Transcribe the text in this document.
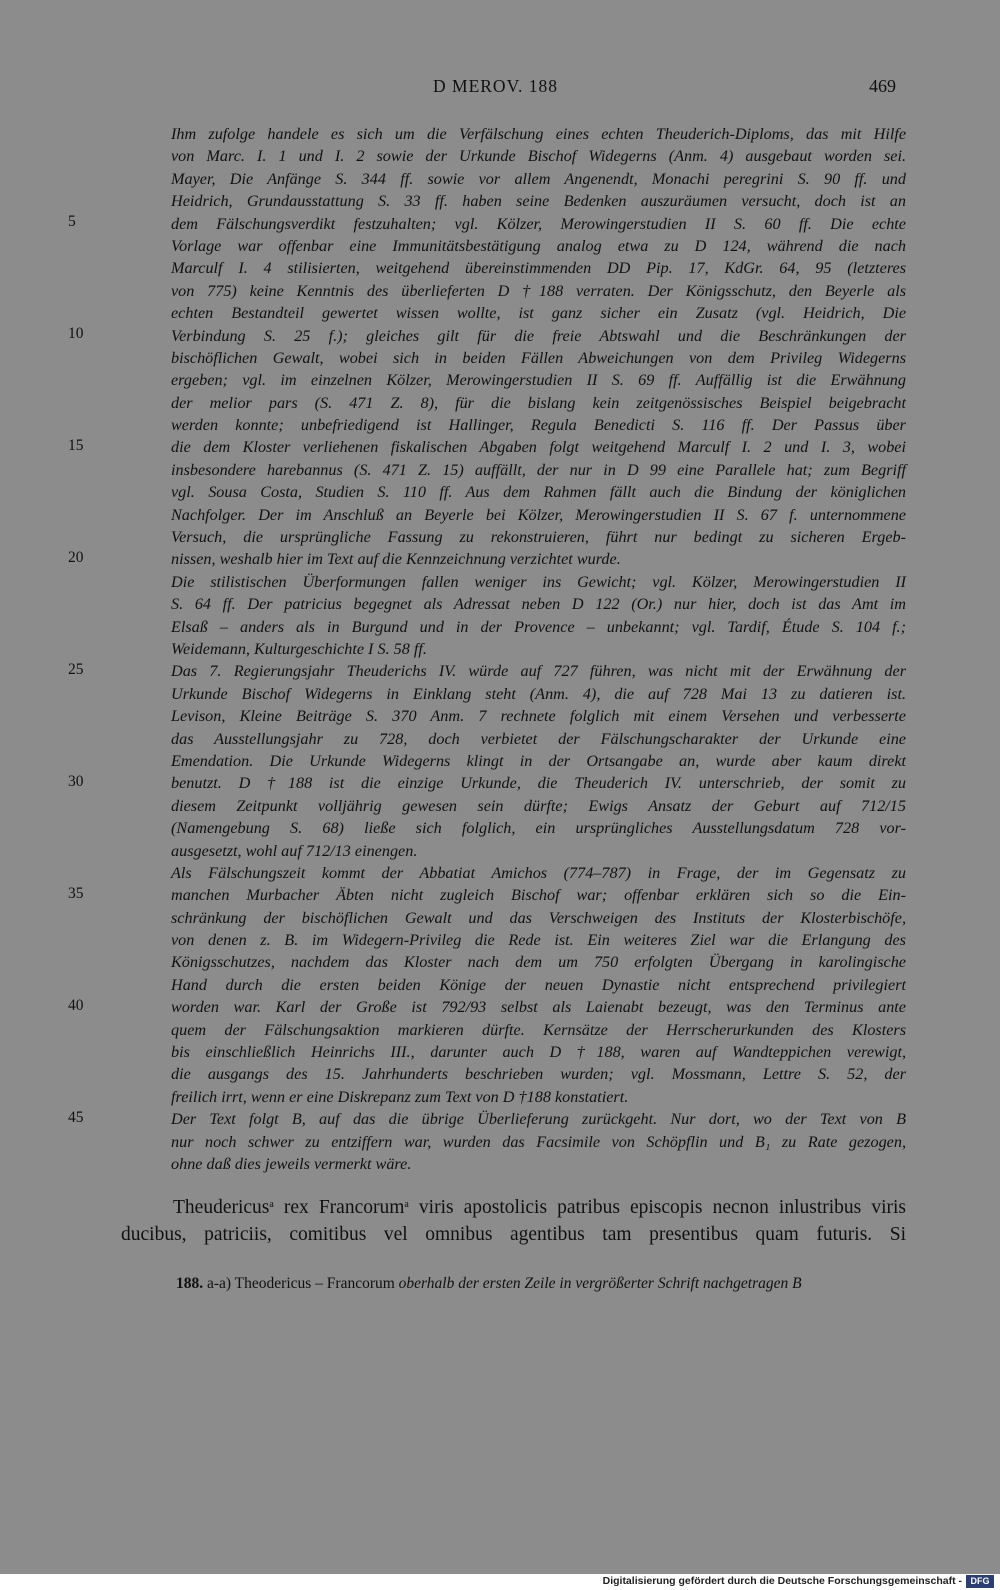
D MEROV. 188	469
5
10
15
20
25
30
35
40
45
Ihm zufolge handele es sich um die Verfälschung eines echten Theuderich-Diploms, das mit Hilfe
von Marc. I. 1 und I. 2 sowie der Urkunde Bischof Widegerns (Anm. 4) ausgebaut worden sei.
Mayer, Die Anfänge S. 344 ff. sowie vor allem Angenendt, Monachi peregrini S. 90 ff. und
Heidrich, Grundausstattung S. 33 ff. haben seine Bedenken auszuräumen versucht, doch ist an
dem Fälschungsverdikt festzuhalten; vgl. Kölzer, Merowingerstudien II S. 60 ff. Die echte
Vorlage war offenbar eine Immunitätsbestätigung analog etwa zu D 124, während die nach
Marculf I. 4 stilisierten, weitgehend übereinstimmenden DD Pip. 17, KdGr. 64, 95 (letzteres
von 775) keine Kenntnis des überlieferten D †188 verraten. Der Königsschutz, den Beyerle als
echten Bestandteil gewertet wissen wollte, ist ganz sicher ein Zusatz (vgl. Heidrich, Die
Verbindung S. 25 f.); gleiches gilt für die freie Abtswahl und die Beschränkungen der
bischöflichen Gewalt, wobei sich in beiden Fällen Abweichungen von dem Privileg Widegerns
ergeben; vgl. im einzelnen Kölzer, Merowingerstudien II S. 69 ff. Auffällig ist die Erwähnung
der melior pars (S. 471 Z. 8), für die bislang kein zeitgenössisches Beispiel beigebracht
werden konnte; unbefriedigend ist Hallinger, Regula Benedicti S. 116 ff. Der Passus über
die dem Kloster verliehenen fiskalischen Abgaben folgt weitgehend Marculf I. 2 und I. 3, wobei
insbesondere harebannus (S. 471 Z. 15) auffällt, der nur in D 99 eine Parallele hat; zum Begriff
vgl. Sousa Costa, Studien S. 110 ff. Aus dem Rahmen fällt auch die Bindung der königlichen
Nachfolger. Der im Anschluß an Beyerle bei Kölzer, Merowingerstudien II S. 67 f. unternommene
Versuch, die ursprüngliche Fassung zu rekonstruieren, führt nur bedingt zu sicheren Ergeb-
nissen, weshalb hier im Text auf die Kennzeichnung verzichtet wurde.
Die stilistischen Überformungen fallen weniger ins Gewicht; vgl. Kölzer, Merowingerstudien II
S. 64 ff. Der patricius begegnet als Adressat neben D 122 (Or.) nur hier, doch ist das Amt im
Elsaß – anders als in Burgund und in der Provence – unbekannt; vgl. Tardif, Étude S. 104 f.;
Weidemann, Kulturgeschichte I S. 58 ff.
Das 7. Regierungsjahr Theuderichs IV. würde auf 727 führen, was nicht mit der Erwähnung der
Urkunde Bischof Widegerns in Einklang steht (Anm. 4), die auf 728 Mai 13 zu datieren ist.
Levison, Kleine Beiträge S. 370 Anm. 7 rechnete folglich mit einem Versehen und verbesserte
das Ausstellungsjahr zu 728, doch verbietet der Fälschungscharakter der Urkunde eine
Emendation. Die Urkunde Widegerns klingt in der Ortsangabe an, wurde aber kaum direkt
benutzt. D †188 ist die einzige Urkunde, die Theuderich IV. unterschrieb, der somit zu
diesem Zeitpunkt volljährig gewesen sein dürfte; Ewigs Ansatz der Geburt auf 712/15
(Namengebung S. 68) ließe sich folglich, ein ursprüngliches Ausstellungsdatum 728 vor-
ausgesetzt, wohl auf 712/13 einengen.
Als Fälschungszeit kommt der Abbatiat Amichos (774–787) in Frage, der im Gegensatz zu
manchen Murbacher Äbten nicht zugleich Bischof war; offenbar erklären sich so die Ein-
schränkung der bischöflichen Gewalt und das Verschweigen des Instituts der Klosterbischöfe,
von denen z. B. im Widegern-Privileg die Rede ist. Ein weiteres Ziel war die Erlangung des
Königsschutzes, nachdem das Kloster nach dem um 750 erfolgten Übergang in karolingische
Hand durch die ersten beiden Könige der neuen Dynastie nicht entsprechend privilegiert
worden war. Karl der Große ist 792/93 selbst als Laienabt bezeugt, was den Terminus ante
quem der Fälschungsaktion markieren dürfte. Kernsätze der Herrscherurkunden des Klosters
bis einschließlich Heinrichs III., darunter auch D †188, waren auf Wandteppichen verewigt,
die ausgangs des 15. Jahrhunderts beschrieben wurden; vgl. Mossmann, Lettre S. 52, der
freilich irrt, wenn er eine Diskrepanz zum Text von D †188 konstatiert.
Der Text folgt B, auf das die übrige Überlieferung zurückgeht. Nur dort, wo der Text von B
nur noch schwer zu entziffern war, wurden das Facsimile von Schöpflin und B₁ zu Rate gezogen,
ohne daß dies jeweils vermerkt wäre.
Theudericus$^a$ rex Francorum$^a$ viris apostolicis patribus episcopis necnon inlustribus viris
ducibus, patriciis, comitibus vel omnibus agentibus tam presentibus quam futuris. Si
188. a-a) Theodericus – Francorum oberhalb der ersten Zeile in vergrößerter Schrift nachgetragen B
Digitalisierung gefördert durch die Deutsche Forschungsgemeinschaft - DFG
